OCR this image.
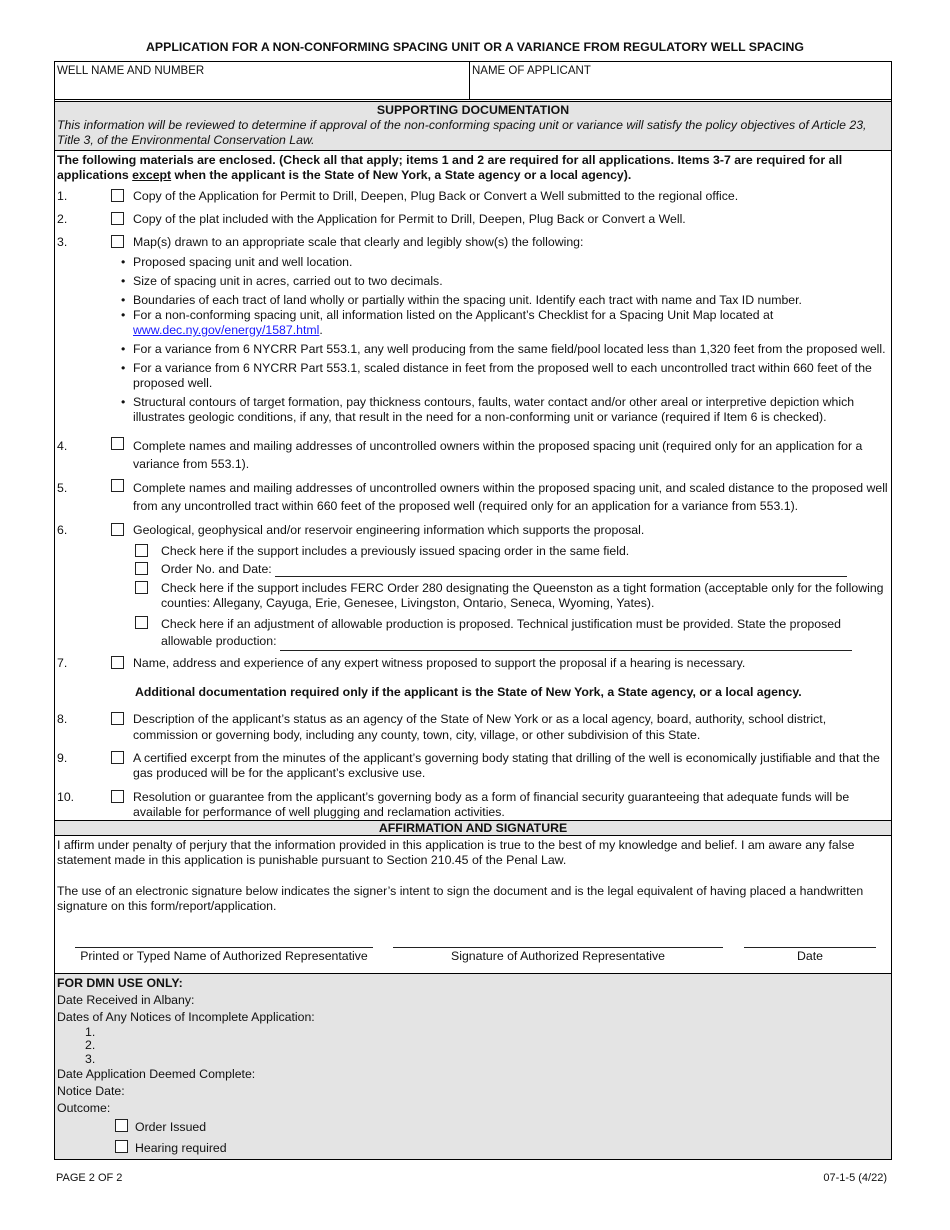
APPLICATION FOR A NON-CONFORMING SPACING UNIT OR A VARIANCE FROM REGULATORY WELL SPACING
WELL NAME AND NUMBER	NAME OF APPLICANT
SUPPORTING DOCUMENTATION
This information will be reviewed to determine if approval of the non-conforming spacing unit or variance will satisfy the policy objectives of Article 23, Title 3, of the Environmental Conservation Law.
The following materials are enclosed. (Check all that apply; items 1 and 2 are required for all applications. Items 3-7 are required for all applications except when the applicant is the State of New York, a State agency or a local agency).
1.	Copy of the Application for Permit to Drill, Deepen, Plug Back or Convert a Well submitted to the regional office.
2.	Copy of the plat included with the Application for Permit to Drill, Deepen, Plug Back or Convert a Well.
3.	Map(s) drawn to an appropriate scale that clearly and legibly show(s) the following:
• Proposed spacing unit and well location.
• Size of spacing unit in acres, carried out to two decimals.
• Boundaries of each tract of land wholly or partially within the spacing unit. Identify each tract with name and Tax ID number.
• For a non-conforming spacing unit, all information listed on the Applicant’s Checklist for a Spacing Unit Map located at www.dec.ny.gov/energy/1587.html.
• For a variance from 6 NYCRR Part 553.1, any well producing from the same field/pool located less than 1,320 feet from the proposed well.
• For a variance from 6 NYCRR Part 553.1, scaled distance in feet from the proposed well to each uncontrolled tract within 660 feet of the proposed well.
• Structural contours of target formation, pay thickness contours, faults, water contact and/or other areal or interpretive depiction which illustrates geologic conditions, if any, that result in the need for a non-conforming unit or variance (required if Item 6 is checked).
4.	Complete names and mailing addresses of uncontrolled owners within the proposed spacing unit (required only for an application for a variance from 553.1).
5.	Complete names and mailing addresses of uncontrolled owners within the proposed spacing unit, and scaled distance to the proposed well from any uncontrolled tract within 660 feet of the proposed well (required only for an application for a variance from 553.1).
6.	Geological, geophysical and/or reservoir engineering information which supports the proposal.
Check here if the support includes a previously issued spacing order in the same field.
Order No. and Date:
Check here if the support includes FERC Order 280 designating the Queenston as a tight formation (acceptable only for the following counties: Allegany, Cayuga, Erie, Genesee, Livingston, Ontario, Seneca, Wyoming, Yates).
Check here if an adjustment of allowable production is proposed. Technical justification must be provided. State the proposed
allowable production:
7.	Name, address and experience of any expert witness proposed to support the proposal if a hearing is necessary.
Additional documentation required only if the applicant is the State of New York, a State agency, or a local agency.
8.	Description of the applicant’s status as an agency of the State of New York or as a local agency, board, authority, school district, commission or governing body, including any county, town, city, village, or other subdivision of this State.
9.	A certified excerpt from the minutes of the applicant’s governing body stating that drilling of the well is economically justifiable and that the gas produced will be for the applicant’s exclusive use.
10.	Resolution or guarantee from the applicant’s governing body as a form of financial security guaranteeing that adequate funds will be available for performance of well plugging and reclamation activities.
AFFIRMATION AND SIGNATURE
I affirm under penalty of perjury that the information provided in this application is true to the best of my knowledge and belief. I am aware any false statement made in this application is punishable pursuant to Section 210.45 of the Penal Law.
The use of an electronic signature below indicates the signer’s intent to sign the document and is the legal equivalent of having placed a handwritten signature on this form/report/application.
Printed or Typed Name of Authorized Representative	Signature of Authorized Representative	Date
FOR DMN USE ONLY:
Date Received in Albany:
Dates of Any Notices of Incomplete Application:
1.
2.
3.
Date Application Deemed Complete:
Notice Date:
Outcome:
Order Issued
Hearing required
PAGE 2 OF 2	07-1-5 (4/22)
